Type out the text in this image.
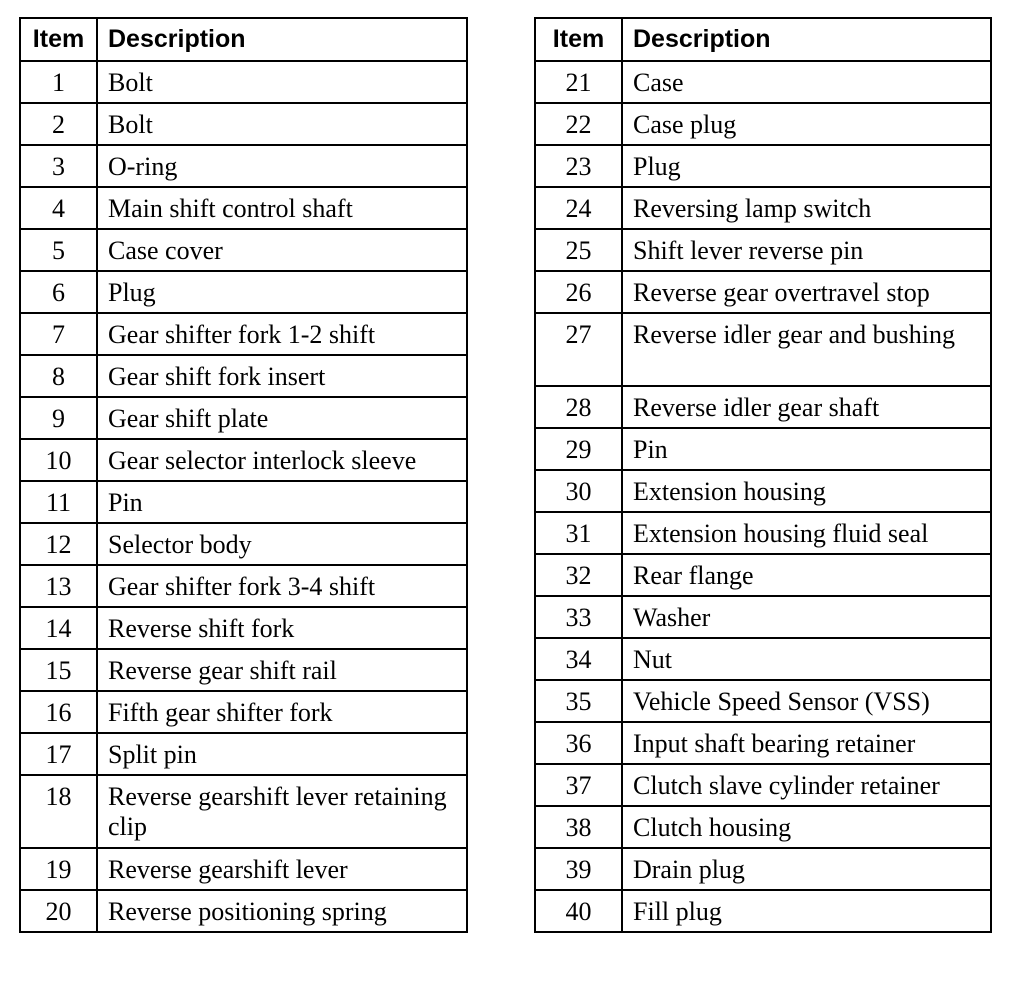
Item	Description
1	Bolt
2	Bolt
3	O-ring
4	Main shift control shaft
5	Case cover
6	Plug
7	Gear shifter fork 1-2 shift
8	Gear shift fork insert
9	Gear shift plate
10	Gear selector interlock sleeve
11	Pin
12	Selector body
13	Gear shifter fork 3-4 shift
14	Reverse shift fork
15	Reverse gear shift rail
16	Fifth gear shifter fork
17	Split pin
18	Reverse gearshift lever retaining clip
19	Reverse gearshift lever
20	Reverse positioning spring
Item	Description
21	Case
22	Case plug
23	Plug
24	Reversing lamp switch
25	Shift lever reverse pin
26	Reverse gear overtravel stop
27	Reverse idler gear and bushing
28	Reverse idler gear shaft
29	Pin
30	Extension housing
31	Extension housing fluid seal
32	Rear flange
33	Washer
34	Nut
35	Vehicle Speed Sensor (VSS)
36	Input shaft bearing retainer
37	Clutch slave cylinder retainer
38	Clutch housing
39	Drain plug
40	Fill plug
